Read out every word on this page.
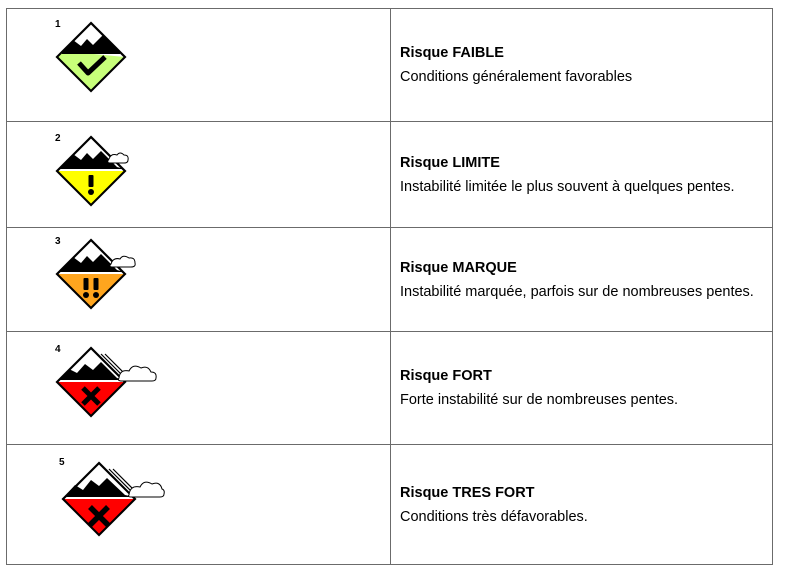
1	Risque FAIBLE
Conditions généralement favorables

2	Risque LIMITE
Instabilité limitée le plus souvent à quelques pentes.

3	Risque MARQUE
Instabilité marquée, parfois sur de nombreuses pentes.

4	Risque FORT
Forte instabilité sur de nombreuses pentes.

5	Risque TRES FORT
Conditions très défavorables.
